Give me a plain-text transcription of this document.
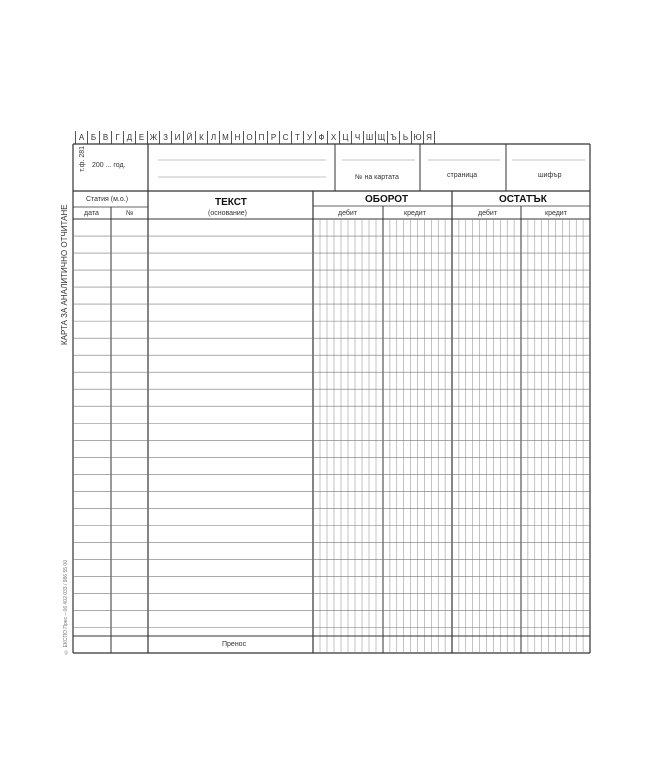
А Б В Г Д Е Ж З И Й К Л М Н О П Р С Т У Ф Х Ц Ч Ш Щ Ъ Ь Ю Я
т.ф. 281
КАРТА ЗА АНАЛИТИЧНО ОТЧИТАНЕ
© ЕКСПО Прес – 06 402 033 / 986 55 00
200 ... год.
№ на картата	страница	шифър
Статия (м.о.)
дата	№
ТЕКСТ
(основание)
ОБОРОТ	ОСТАТЪК
дебит	кредит	дебит	кредит
Пренос
